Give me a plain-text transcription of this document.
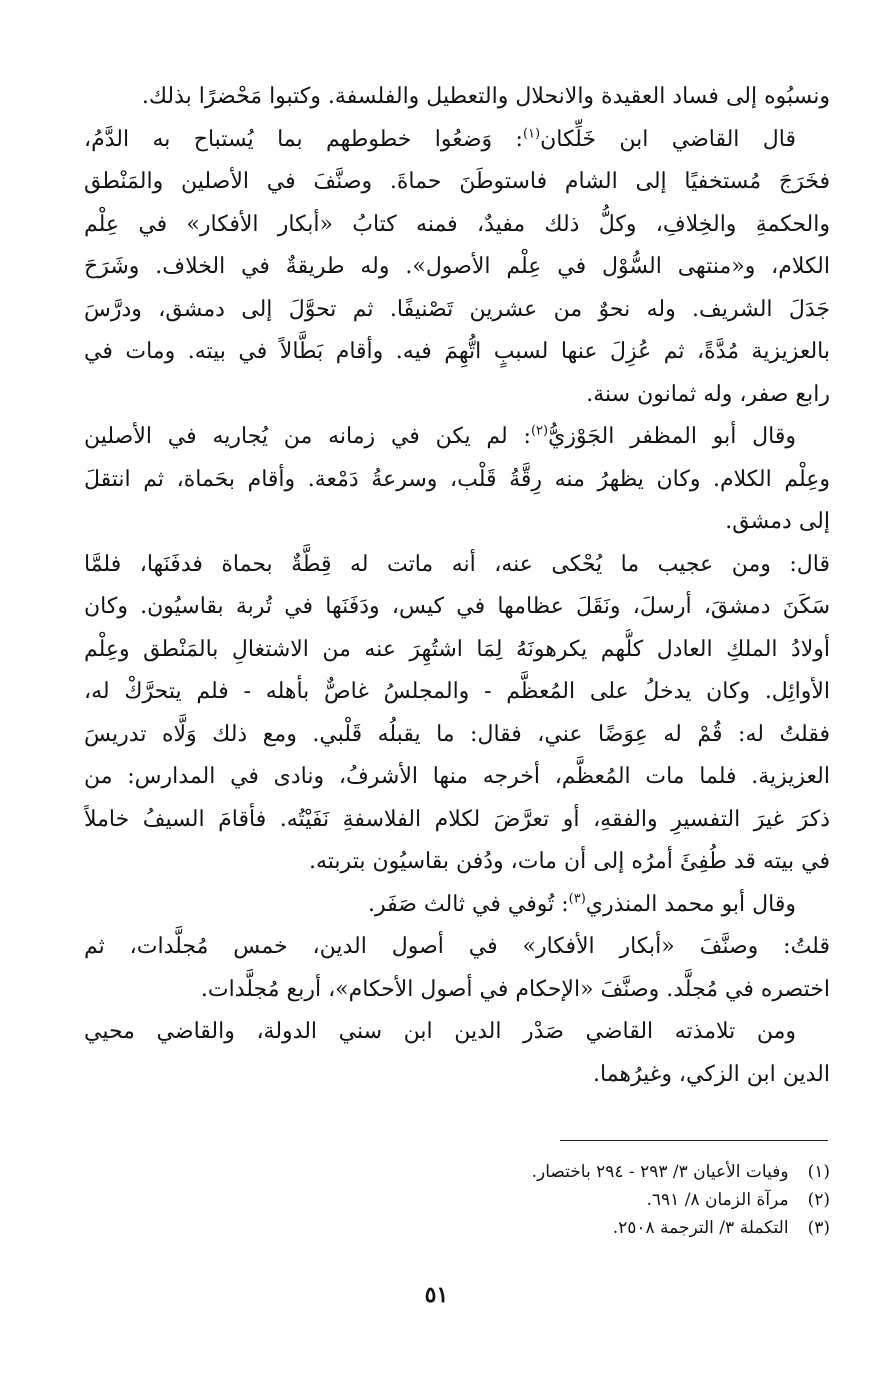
ونسبُوه إلى فساد العقيدة والانحلال والتعطيل والفلسفة. وكتبوا مَحْضرًا بذلك.
قال القاضي ابن خَلِّكان$^{(١)}$: وَضعُوا خطوطهم بما يُستباح به الدَّمُ،
فخَرَجَ مُستخفيًا إلى الشام فاستوطَنَ حماةَ. وصنَّفَ في الأصلين والمَنْطق
والحكمةِ والخِلافِ، وكلُّ ذلك مفيدٌ، فمنه كتابُ «أبكار الأفكار» في عِلْم
الكلام، و«منتهى السُّوْل في عِلْم الأصول». وله طريقةٌ في الخلاف. وشَرَحَ
جَدَلَ الشريف. وله نحوٌ من عشرين تَصْنيفًا. ثم تحوَّلَ إلى دمشق، ودرَّسَ
بالعزيزية مُدَّةً، ثم عُزِلَ عنها لسببٍ اتُّهِمَ فيه. وأقام بَطَّالاً في بيته. ومات في
رابع صفر، وله ثمانون سنة.
وقال أبو المظفر الجَوْزيُّ$^{(٢)}$: لم يكن في زمانه من يُجاريه في الأصلين
وعِلْم الكلام. وكان يظهرُ منه رِقَّةُ قَلْب، وسرعةُ دَمْعة. وأقام بحَماة، ثم انتقلَ
إلى دمشق.
قال: ومن عجيب ما يُحْكى عنه، أنه ماتت له قِطَّةٌ بحماة فدفَنَها، فلمَّا
سَكَنَ دمشقَ، أرسلَ، ونَقَلَ عظامها في كيس، ودَفَنَها في تُربة بقاسيُون. وكان
أولادُ الملكِ العادل كلُّهم يكرهونَهُ لِمَا اشتُهِرَ عنه من الاشتغالِ بالمَنْطق وعِلْم
الأوائِل. وكان يدخلُ على المُعظَّم - والمجلسُ غاصٌّ بأهله - فلم يتحرَّكْ له،
فقلتُ له: قُمْ له عِوَضًا عني، فقال: ما يقبلُه قَلْبي. ومع ذلك وَلَّاه تدريسَ
العزيزية. فلما مات المُعظَّم، أخرجه منها الأشرفُ، ونادى في المدارس: من
ذكرَ غيرَ التفسيرِ والفقهِ، أو تعرَّضَ لكلام الفلاسفةِ نَفَيْتُه. فأقامَ السيفُ خاملاً
في بيته قد طُفِئَ أمرُه إلى أن مات، ودُفن بقاسيُون بتربته.
وقال أبو محمد المنذري$^{(٣)}$: تُوفي في ثالث صَفَر.
قلتُ: وصنَّفَ «أبكار الأفكار» في أصول الدين، خمس مُجلَّدات، ثم
اختصره في مُجلَّد. وصنَّفَ «الإحكام في أصول الأحكام»، أربع مُجلَّدات.
ومن تلامذته القاضي صَدْر الدين ابن سني الدولة، والقاضي محيي
الدين ابن الزكي، وغيرُهما.
(١) وفيات الأعيان ٣/ ٢٩٣ - ٢٩٤ باختصار.
(٢) مرآة الزمان ٨/ ٦٩١.
(٣) التكملة ٣/ الترجمة ٢٥٠٨.
٥١
